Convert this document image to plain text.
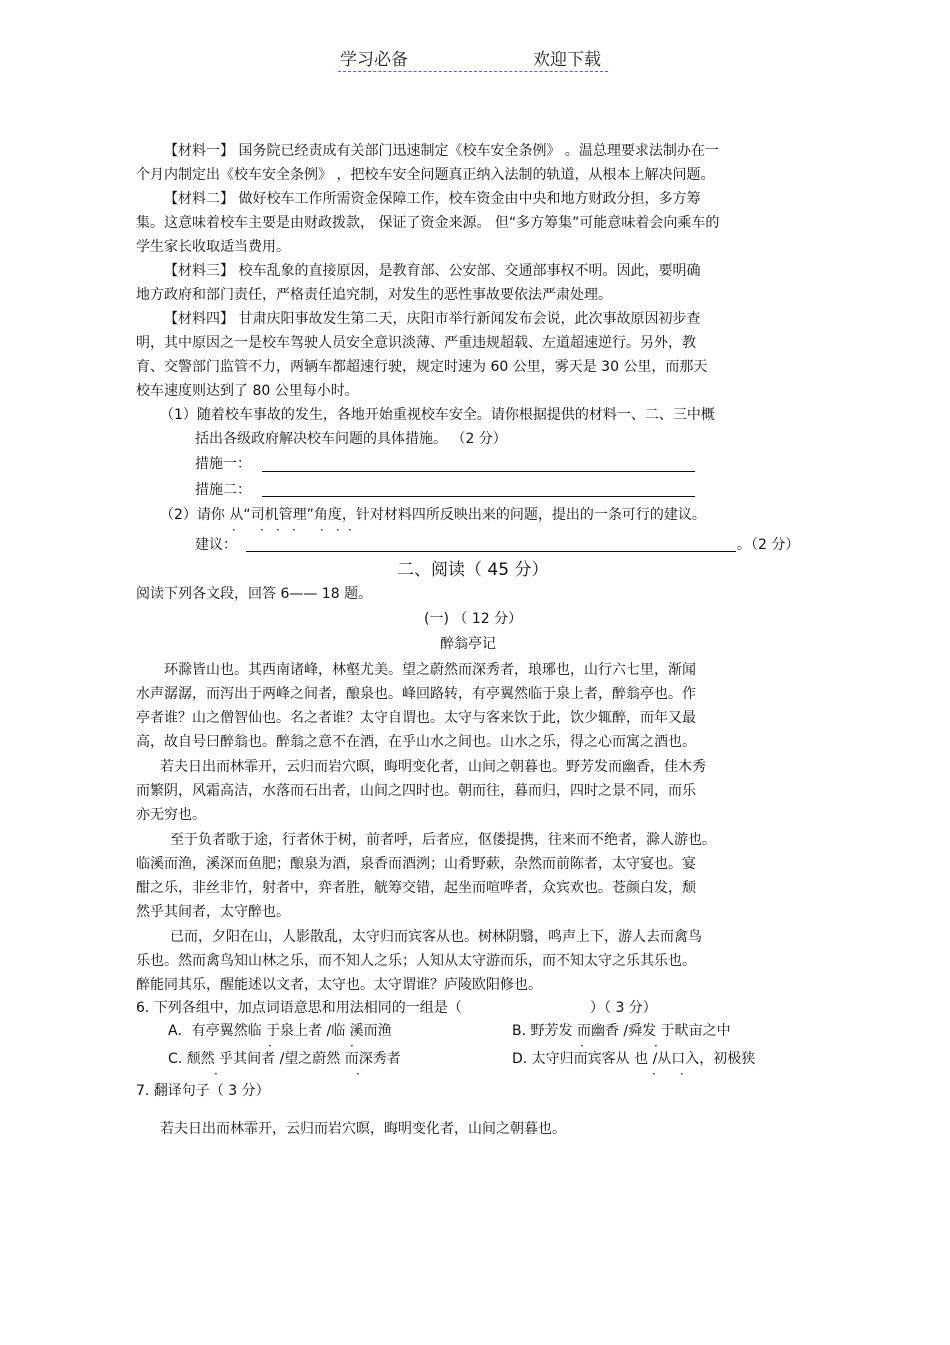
学习必备	欢迎下载
【材料一】 国务院已经责成有关部门迅速制定《校车安全条例》 。温总理要求法制办在一
个月内制定出《校车安全条例》 ，把校车安全问题真正纳入法制的轨道，从根本上解决问题。
【材料二】 做好校车工作所需资金保障工作，校车资金由中央和地方财政分担，多方筹
集。这意味着校车主要是由财政拨款， 保证了资金来源。 但“多方筹集”可能意味着会向乘车的
学生家长收取适当费用。
【材料三】 校车乱象的直接原因，是教育部、公安部、交通部事权不明。因此，要明确
地方政府和部门责任，严格责任追究制，对发生的恶性事故要依法严肃处理。
【材料四】 甘肃庆阳事故发生第二天，庆阳市举行新闻发布会说，此次事故原因初步查
明，其中原因之一是校车驾驶人员安全意识淡薄、严重违规超载、左道超速逆行。另外，教
育、交警部门监管不力，两辆车都超速行驶，规定时速为 60 公里，雾天是 30 公里，而那天
校车速度则达到了 80 公里每小时。
（1）随着校车事故的发生，各地开始重视校车安全。请你根据提供的材料一、二、三中概
括出各级政府解决校车问题的具体措施。 （2 分）
措施一：
措施二：
（2）请你 从“司机管理”角度，针对材料四所反映出来的问题，提出的一条可行的建议。
· · · · · · ·
建议：	。（2 分）
二、阅读（ 45 分）
阅读下列各文段，回答 6—— 18 题。
(一) （ 12 分）
醉翁亭记
环滁皆山也。其西南诸峰，林壑尤美。望之蔚然而深秀者，琅琊也，山行六七里，渐闻
水声潺潺，而泻出于两峰之间者，酿泉也。峰回路转，有亭翼然临于泉上者，醉翁亭也。作
亭者谁？山之僧智仙也。名之者谁？太守自谓也。太守与客来饮于此，饮少辄醉，而年又最
高，故自号曰醉翁也。醉翁之意不在酒，在乎山水之间也。山水之乐，得之心而寓之酒也。
若夫日出而林霏开，云归而岩穴暝，晦明变化者，山间之朝暮也。野芳发而幽香，佳木秀
而繁阴，风霜高洁，水落而石出者，山间之四时也。朝而往，暮而归，四时之景不同，而乐
亦无穷也。
至于负者歌于途，行者休于树，前者呼，后者应，伛偻提携，往来而不绝者，滁人游也。
临溪而渔，溪深而鱼肥；酿泉为酒，泉香而酒洌；山肴野蔌，杂然而前陈者，太守宴也。宴
酣之乐，非丝非竹，射者中，弈者胜，觥筹交错，起坐而喧哗者，众宾欢也。苍颜白发，颓
然乎其间者，太守醉也。
已而，夕阳在山，人影散乱，太守归而宾客从也。树林阴翳，鸣声上下，游人去而禽鸟
乐也。然而禽鸟知山林之乐，而不知人之乐；人知从太守游而乐，而不知太守之乐其乐也。
醉能同其乐，醒能述以文者，太守也。太守谓谁？庐陵欧阳修也。
6. 下列各组中，加点词语意思和用法相同的一组是（	）（ 3 分）
A．有亭翼然临 于泉上者 /临 溪而渔	B. 野芳发 而幽香 /舜发 于畎亩之中
·	·	·	·
C. 颓然 乎其间者 /望之蔚然 而深秀者	D. 太守归而宾客从 也 /从口入，初极狭
·	·	· ·
7. 翻译句子（ 3 分）
若夫日出而林霏开，云归而岩穴暝，晦明变化者，山间之朝暮也。
